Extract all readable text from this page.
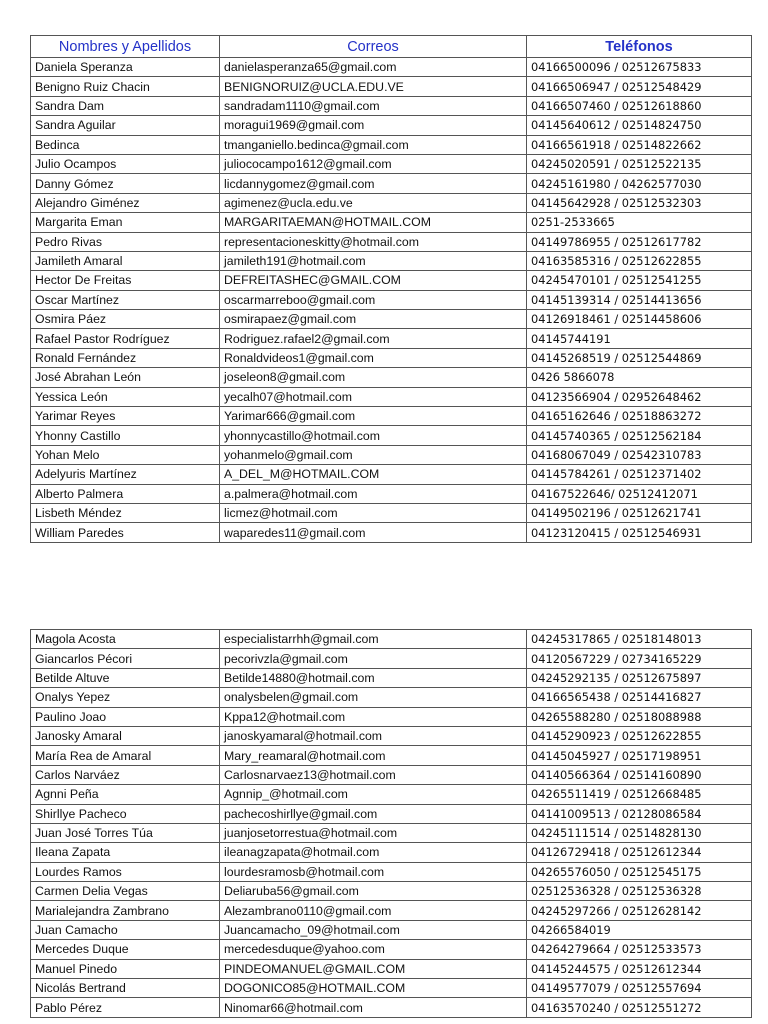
Nombres y Apellidos	Correos	Teléfonos
Daniela Speranza	danielasperanza65@gmail.com	04166500096 / 02512675833
Benigno Ruiz Chacin	BENIGNORUIZ@UCLA.EDU.VE	04166506947 / 02512548429
Sandra Dam	sandradam1110@gmail.com	04166507460 / 02512618860
Sandra Aguilar	moragui1969@gmail.com	04145640612 / 02514824750
Bedinca	tmanganiello.bedinca@gmail.com	04166561918 / 02514822662
Julio Ocampos	juliococampo1612@gmail.com	04245020591 / 02512522135
Danny Gómez	licdannygomez@gmail.com	04245161980 / 04262577030
Alejandro Giménez	agimenez@ucla.edu.ve	04145642928 / 02512532303
Margarita Eman	MARGARITAEMAN@HOTMAIL.COM	0251-2533665
Pedro Rivas	representacioneskitty@hotmail.com	04149786955 / 02512617782
Jamileth Amaral	jamileth191@hotmail.com	04163585316 / 02512622855
Hector De Freitas	DEFREITASHEC@GMAIL.COM	04245470101 / 02512541255
Oscar Martínez	oscarmarreboo@gmail.com	04145139314 / 02514413656
Osmira Páez	osmirapaez@gmail.com	04126918461 / 02514458606
Rafael Pastor Rodríguez	Rodriguez.rafael2@gmail.com	04145744191
Ronald Fernández	Ronaldvideos1@gmail.com	04145268519 / 02512544869
José Abrahan León	joseleon8@gmail.com	0426 5866078
Yessica León	yecalh07@hotmail.com	04123566904 / 02952648462
Yarimar Reyes	Yarimar666@gmail.com	04165162646 / 02518863272
Yhonny Castillo	yhonnycastillo@hotmail.com	04145740365 / 02512562184
Yohan Melo	yohanmelo@gmail.com	04168067049 / 02542310783
Adelyuris Martínez	A_DEL_M@HOTMAIL.COM	04145784261 / 02512371402
Alberto Palmera	a.palmera@hotmail.com	04167522646/ 02512412071
Lisbeth Méndez	licmez@hotmail.com	04149502196 / 02512621741
William Paredes	waparedes11@gmail.com	04123120415 / 02512546931
Magola Acosta	especialistarrhh@gmail.com	04245317865 / 02518148013
Giancarlos Pécori	pecorivzla@gmail.com	04120567229 / 02734165229
Betilde Altuve	Betilde14880@hotmail.com	04245292135 / 02512675897
Onalys Yepez	onalysbelen@gmail.com	04166565438 / 02514416827
Paulino Joao	Kppa12@hotmail.com	04265588280 / 02518088988
Janosky Amaral	janoskyamaral@hotmail.com	04145290923 / 02512622855
María Rea de Amaral	Mary_reamaral@hotmail.com	04145045927 / 02517198951
Carlos Narváez	Carlosnarvaez13@hotmail.com	04140566364 / 02514160890
Agnni Peña	Agnnip_@hotmail.com	04265511419 / 02512668485
Shirllye Pacheco	pachecoshirllye@gmail.com	04141009513 / 02128086584
Juan José Torres Túa	juanjosetorrestua@hotmail.com	04245111514 / 02514828130
Ileana Zapata	ileanagzapata@hotmail.com	04126729418 / 02512612344
Lourdes Ramos	lourdesramosb@hotmail.com	04265576050 / 02512545175
Carmen Delia Vegas	Deliaruba56@gmail.com	02512536328 / 02512536328
Marialejandra Zambrano	Alezambrano0110@gmail.com	04245297266 / 02512628142
Juan Camacho	Juancamacho_09@hotmail.com	04266584019
Mercedes Duque	mercedesduque@yahoo.com	04264279664 / 02512533573
Manuel Pinedo	PINDEOMANUEL@GMAIL.COM	04145244575 / 02512612344
Nicolás Bertrand	DOGONICO85@HOTMAIL.COM	04149577079 / 02512557694
Pablo Pérez	Ninomar66@hotmail.com	04163570240 / 02512551272
